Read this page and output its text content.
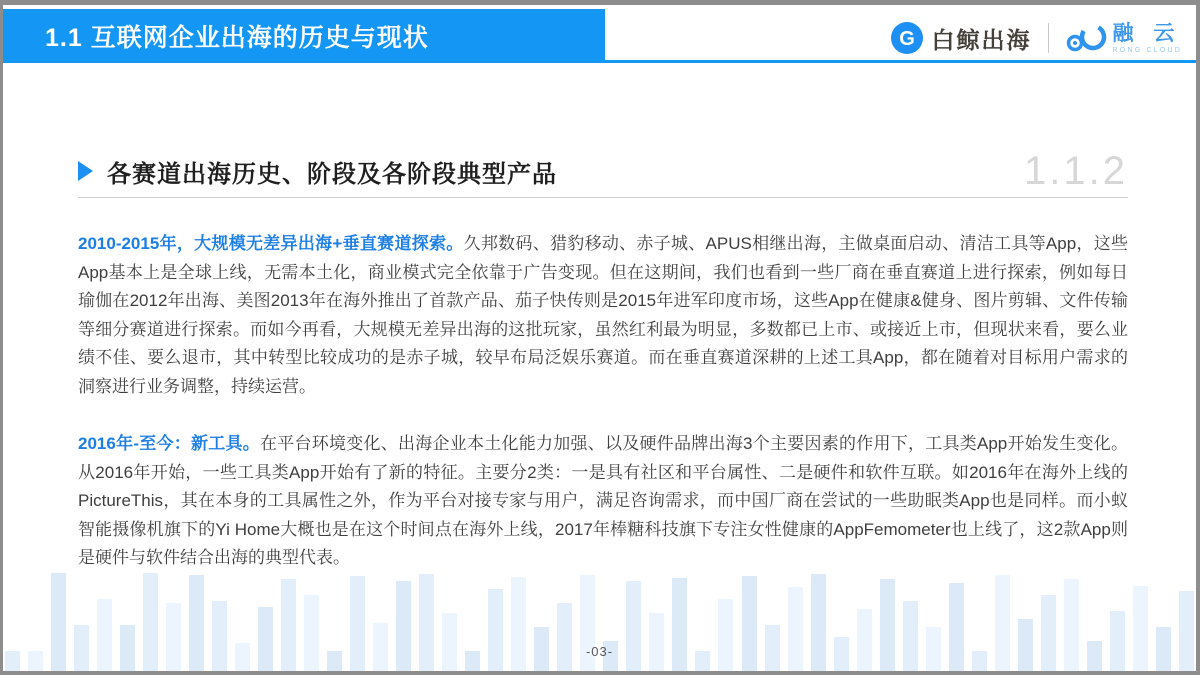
1.1 互联网企业出海的历史与现状	G 白鲸出海	融 云
RONG CLOUD
各赛道出海历史、阶段及各阶段典型产品	1.1.2

2010-2015年，大规模无差异出海+垂直赛道探索。久邦数码、猎豹移动、赤子城、APUS相继出海，主做桌面启动、清洁工具等App，这些App基本上是全球上线，无需本土化，商业模式完全依靠于广告变现。但在这期间，我们也看到一些厂商在垂直赛道上进行探索，例如每日瑜伽在2012年出海、美图2013年在海外推出了首款产品、茄子快传则是2015年进军印度市场，这些App在健康&健身、图片剪辑、文件传输等细分赛道进行探索。而如今再看，大规模无差异出海的这批玩家，虽然红利最为明显，多数都已上市、或接近上市，但现状来看，要么业绩不佳、要么退市，其中转型比较成功的是赤子城，较早布局泛娱乐赛道。而在垂直赛道深耕的上述工具App，都在随着对目标用户需求的洞察进行业务调整，持续运营。

2016年-至今：新工具。在平台环境变化、出海企业本土化能力加强、以及硬件品牌出海3个主要因素的作用下，工具类App开始发生变化。从2016年开始，一些工具类App开始有了新的特征。主要分2类：一是具有社区和平台属性、二是硬件和软件互联。如2016年在海外上线的PictureThis，其在本身的工具属性之外，作为平台对接专家与用户，满足咨询需求，而中国厂商在尝试的一些助眠类App也是同样。而小蚁智能摄像机旗下的Yi Home大概也是在这个时间点在海外上线，2017年棒糖科技旗下专注女性健康的AppFemometer也上线了，这2款App则是硬件与软件结合出海的典型代表。

-03-
